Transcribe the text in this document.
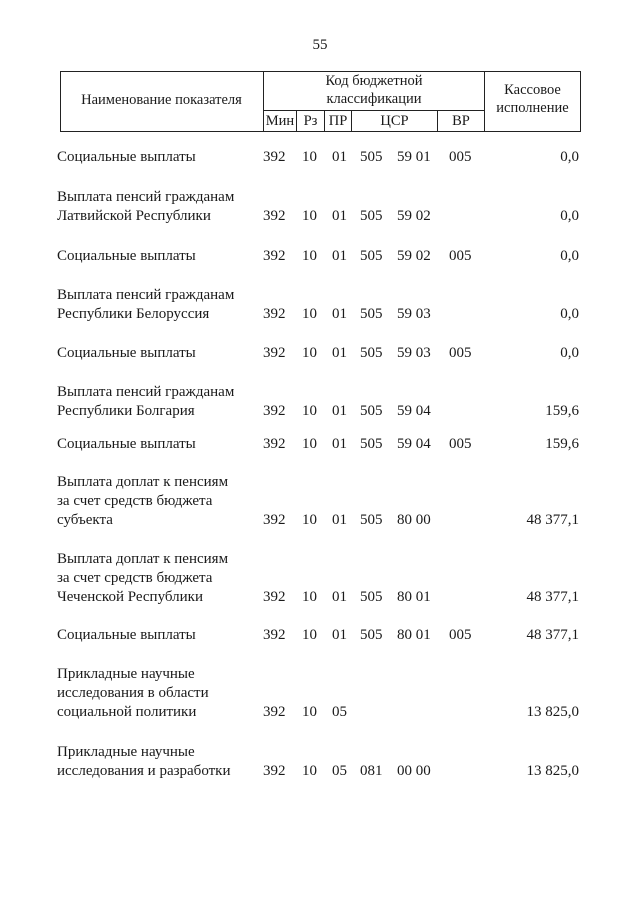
55
Наименование показателя
Код бюджетной
классификации
Кассовое
исполнение
Мин Рз ПР	ЦСР	ВР
Социальные выплаты	392 10 01 505 59 01 005	0,0
Выплата пенсий гражданам
Латвийской Республики	392 10 01 505 59 02	0,0
Социальные выплаты	392 10 01 505 59 02 005	0,0
Выплата пенсий гражданам
Республики Белоруссия	392 10 01 505 59 03	0,0
Социальные выплаты	392 10 01 505 59 03 005	0,0
Выплата пенсий гражданам
Республики Болгария	392 10 01 505 59 04	159,6
Социальные выплаты	392 10 01 505 59 04 005	159,6
Выплата доплат к пенсиям
за счет средств бюджета
субъекта	392 10 01 505 80 00	48 377,1
Выплата доплат к пенсиям
за счет средств бюджета
Чеченской Республики	392 10 01 505 80 01	48 377,1
Социальные выплаты	392 10 01 505 80 01 005	48 377,1
Прикладные научные
исследования в области
социальной политики	392 10 05	13 825,0
Прикладные научные
исследования и разработки	392 10 05 081 00 00	13 825,0
